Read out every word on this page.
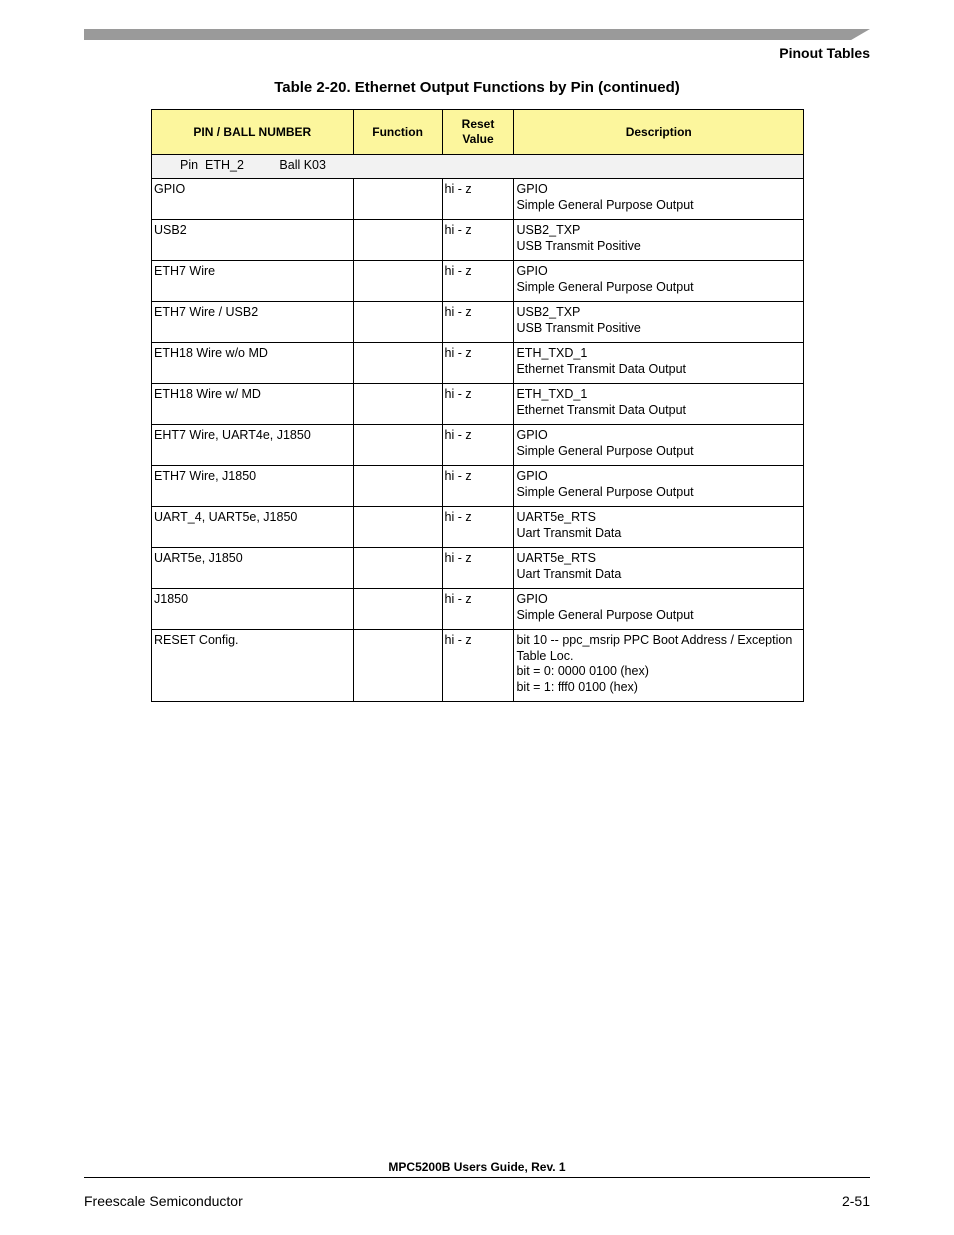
Pinout Tables
Table 2-20. Ethernet Output Functions by Pin (continued)
PIN / BALL NUMBER	Function	Reset Value	Description
Pin  ETH_2 Ball K03			
GPIO		hi - z	GPIO
Simple General Purpose Output

USB2		hi - z	USB2_TXP
USB Transmit Positive

ETH7 Wire		hi - z	GPIO
Simple General Purpose Output

ETH7 Wire / USB2		hi - z	USB2_TXP
USB Transmit Positive

ETH18 Wire w/o MD		hi - z	ETH_TXD_1
Ethernet Transmit Data Output

ETH18 Wire w/ MD		hi - z	ETH_TXD_1
Ethernet Transmit Data Output

EHT7 Wire, UART4e, J1850		hi - z	GPIO
Simple General Purpose Output

ETH7 Wire, J1850		hi - z	GPIO
Simple General Purpose Output

UART_4, UART5e, J1850		hi - z	UART5e_RTS
Uart Transmit Data

UART5e, J1850		hi - z	UART5e_RTS
Uart Transmit Data

J1850		hi - z	GPIO
Simple General Purpose Output

RESET Config.		hi - z	bit 10 -- ppc_msrip PPC Boot Address / Exception Table Loc.
bit = 0: 0000 0100 (hex)
bit = 1: fff0 0100 (hex)
MPC5200B Users Guide, Rev. 1
Freescale Semiconductor	2-51
